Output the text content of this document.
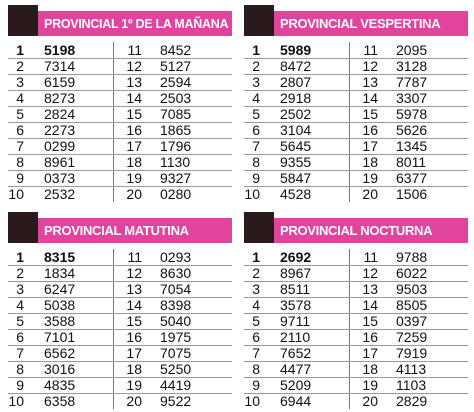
PROVINCIAL 1º DE LA MAÑANA
1 5198
2 7314
3 6159
4 8273
5 2824
6 2273
7 0299
8 8961
9 0373
10 2532
11 8452
12 5127
13 2594
14 2503
15 7085
16 1865
17 1796
18 1130
19 9327
20 0280
PROVINCIAL VESPERTINA
1 5989
2 8472
3 2807
4 2918
5 2502
6 3104
7 5645
8 9355
9 5847
10 4528
11 2095
12 3128
13 7787
14 3307
15 5978
16 5626
17 1345
18 8011
19 6377
20 1506
PROVINCIAL MATUTINA
1 8315
2 1834
3 6247
4 5038
5 3588
6 7101
7 6562
8 3016
9 4835
10 6358
11 0293
12 8630
13 7054
14 8398
15 5040
16 1975
17 7075
18 5250
19 4419
20 9522
PROVINCIAL NOCTURNA
1 2692
2 8967
3 8511
4 3578
5 9711
6 2110
7 7652
8 4477
9 5209
10 6944
11 9788
12 6022
13 9503
14 8505
15 0397
16 7259
17 7919
18 4113
19 1103
20 2829
